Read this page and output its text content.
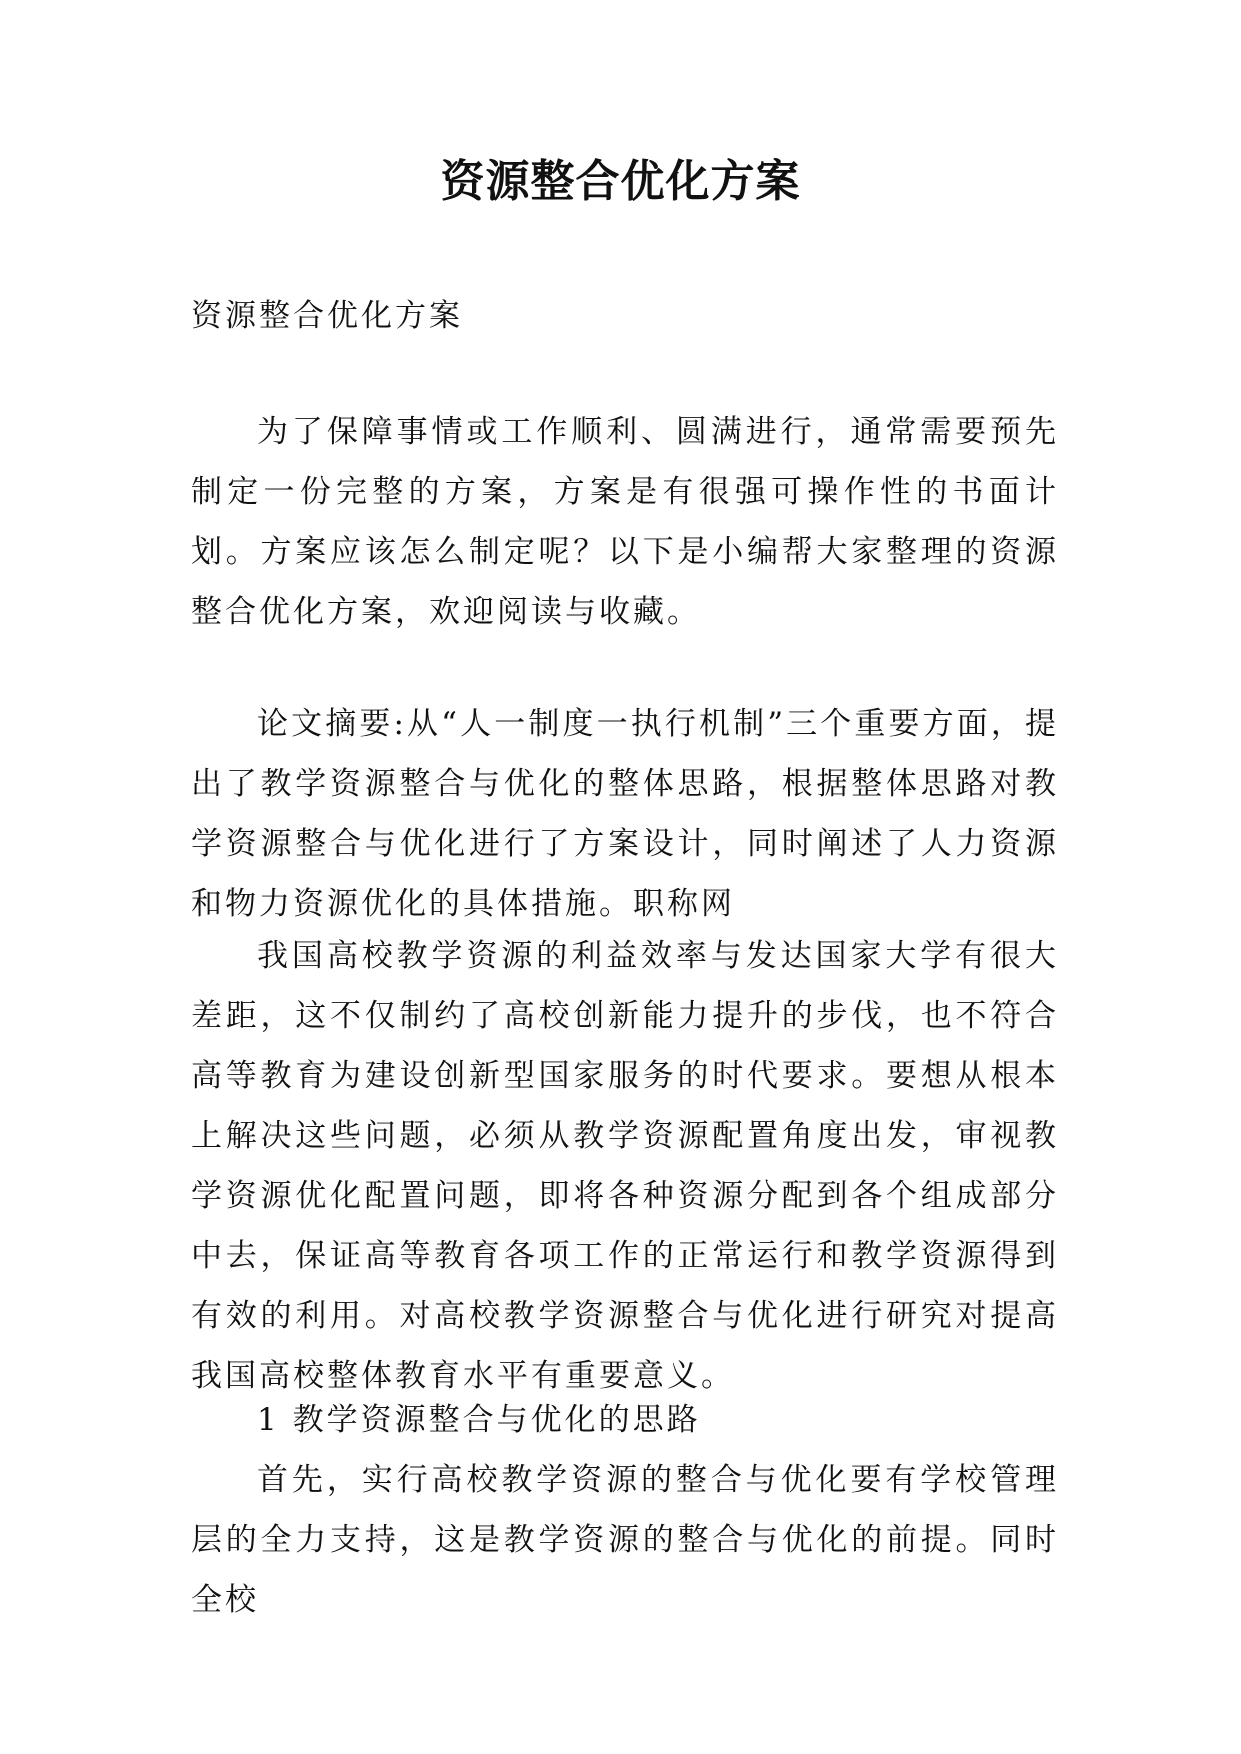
资源整合优化方案

资源整合优化方案

为了保障事情或工作顺利、圆满进行，通常需要预先制定一份完整的方案，方案是有很强可操作性的书面计划。方案应该怎么制定呢？以下是小编帮大家整理的资源整合优化方案，欢迎阅读与收藏。

论文摘要:从“人一制度一执行机制”三个重要方面，提出了教学资源整合与优化的整体思路，根据整体思路对教学资源整合与优化进行了方案设计，同时阐述了人力资源和物力资源优化的具体措施。职称网

我国高校教学资源的利益效率与发达国家大学有很大差距，这不仅制约了高校创新能力提升的步伐，也不符合高等教育为建设创新型国家服务的时代要求。要想从根本上解决这些问题，必须从教学资源配置角度出发，审视教学资源优化配置问题，即将各种资源分配到各个组成部分中去，保证高等教育各项工作的正常运行和教学资源得到有效的利用。对高校教学资源整合与优化进行研究对提高我国高校整体教育水平有重要意义。

1 教学资源整合与优化的思路

首先，实行高校教学资源的整合与优化要有学校管理层的全力支持，这是教学资源的整合与优化的前提。同时全校
